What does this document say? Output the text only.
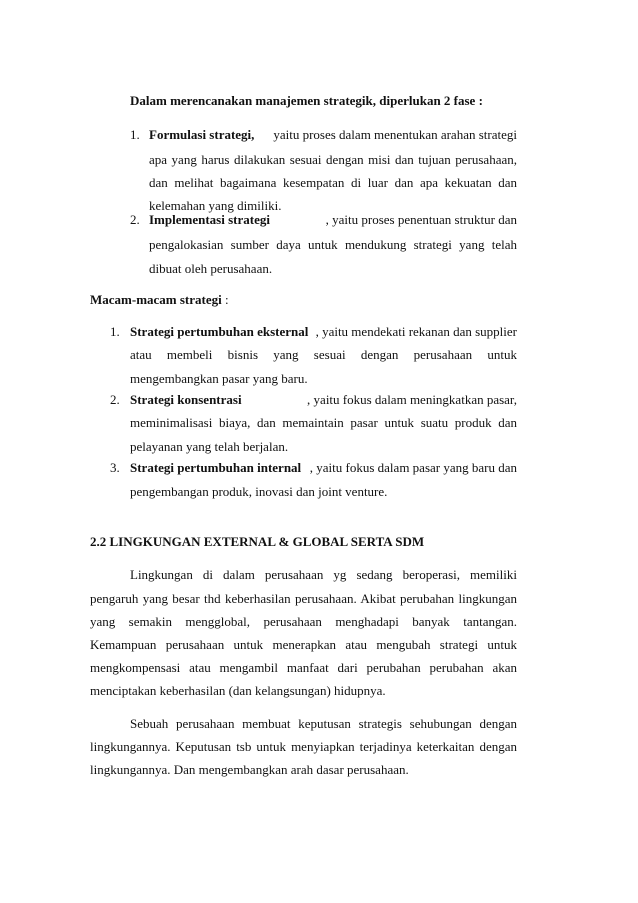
Dalam merencanakan manajemen strategik, diperlukan 2 fase :
1. Formulasi strategi, yaitu proses dalam menentukan arahan strategi
apa yang harus dilakukan sesuai dengan misi dan tujuan perusahaan,
dan melihat bagaimana kesempatan di luar dan apa kekuatan dan
kelemahan yang dimiliki.
2. Implementasi strategi	, yaitu proses penentuan struktur dan
pengalokasian sumber daya untuk mendukung strategi yang telah
dibuat oleh perusahaan.
Macam-macam strategi :
1. Strategi pertumbuhan eksternal , yaitu mendekati rekanan dan supplier
atau membeli bisnis yang sesuai dengan perusahaan untuk
mengembangkan pasar yang baru.
2. Strategi konsentrasi	, yaitu fokus dalam meningkatkan pasar,
meminimalisasi biaya, dan memaintain pasar untuk suatu produk dan
pelayanan yang telah berjalan.
3. Strategi pertumbuhan internal , yaitu fokus dalam pasar yang baru dan
pengembangan produk, inovasi dan joint venture.
2.2 LINGKUNGAN EXTERNAL & GLOBAL SERTA SDM
Lingkungan di dalam perusahaan yg sedang beroperasi, memiliki
pengaruh yang besar thd keberhasilan perusahaan. Akibat perubahan lingkungan
yang semakin mengglobal, perusahaan menghadapi banyak tantangan.
Kemampuan perusahaan untuk menerapkan atau mengubah strategi untuk
mengkompensasi atau mengambil manfaat dari perubahan perubahan akan
menciptakan keberhasilan (dan kelangsungan) hidupnya.
Sebuah perusahaan membuat keputusan strategis sehubungan dengan
lingkungannya. Keputusan tsb untuk menyiapkan terjadinya keterkaitan dengan
lingkungannya. Dan mengembangkan arah dasar perusahaan.
